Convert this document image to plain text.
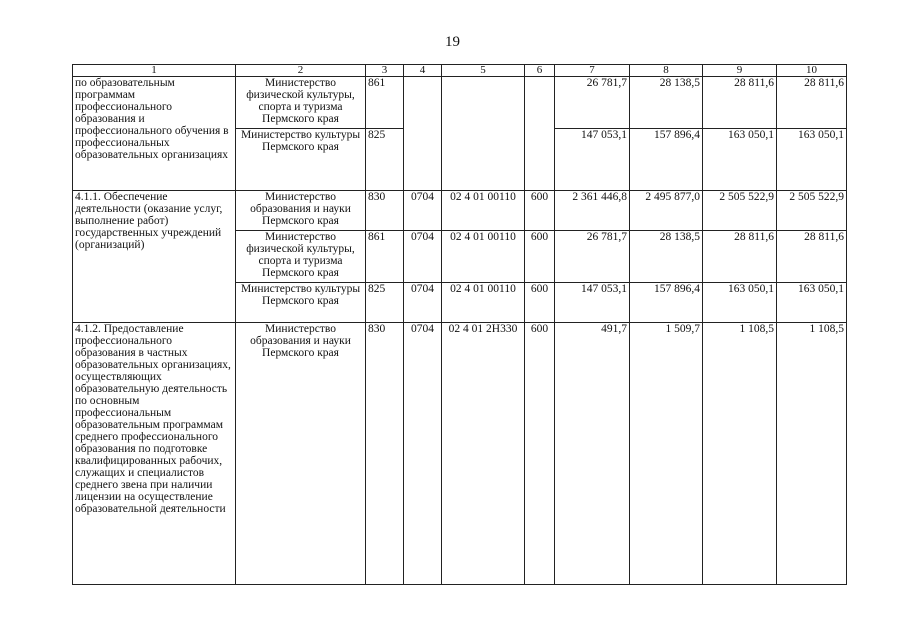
19
1	2	3	4	5	6	7	8	9	10
по образовательным программам профессионального образования и профессионального обучения в профессиональных образовательных организациях	Министерство физической культуры, спорта и туризма Пермского края	861				26 781,7	28 138,5	28 811,6	28 811,6
	Министерство культуры Пермского края	825				147 053,1	157 896,4	163 050,1	163 050,1
4.1.1. Обеспечение деятельности (оказание услуг, выполнение работ) государственных учреждений (организаций)	Министерство образования и науки Пермского края	830	0704	02 4 01 00110	600	2 361 446,8	2 495 877,0	2 505 522,9	2 505 522,9
	Министерство физической культуры, спорта и туризма Пермского края	861	0704	02 4 01 00110	600	26 781,7	28 138,5	28 811,6	28 811,6
	Министерство культуры Пермского края	825	0704	02 4 01 00110	600	147 053,1	157 896,4	163 050,1	163 050,1
4.1.2. Предоставление профессионального образования в частных образовательных организациях, осуществляющих образовательную деятельность по основным профессиональным образовательным программам среднего профессионального образования по подготовке квалифицированных рабочих, служащих и специалистов среднего звена при наличии лицензии на осуществление образовательной деятельности	Министерство образования и науки Пермского края	830	0704	02 4 01 2Н330	600	491,7	1 509,7	1 108,5	1 108,5
